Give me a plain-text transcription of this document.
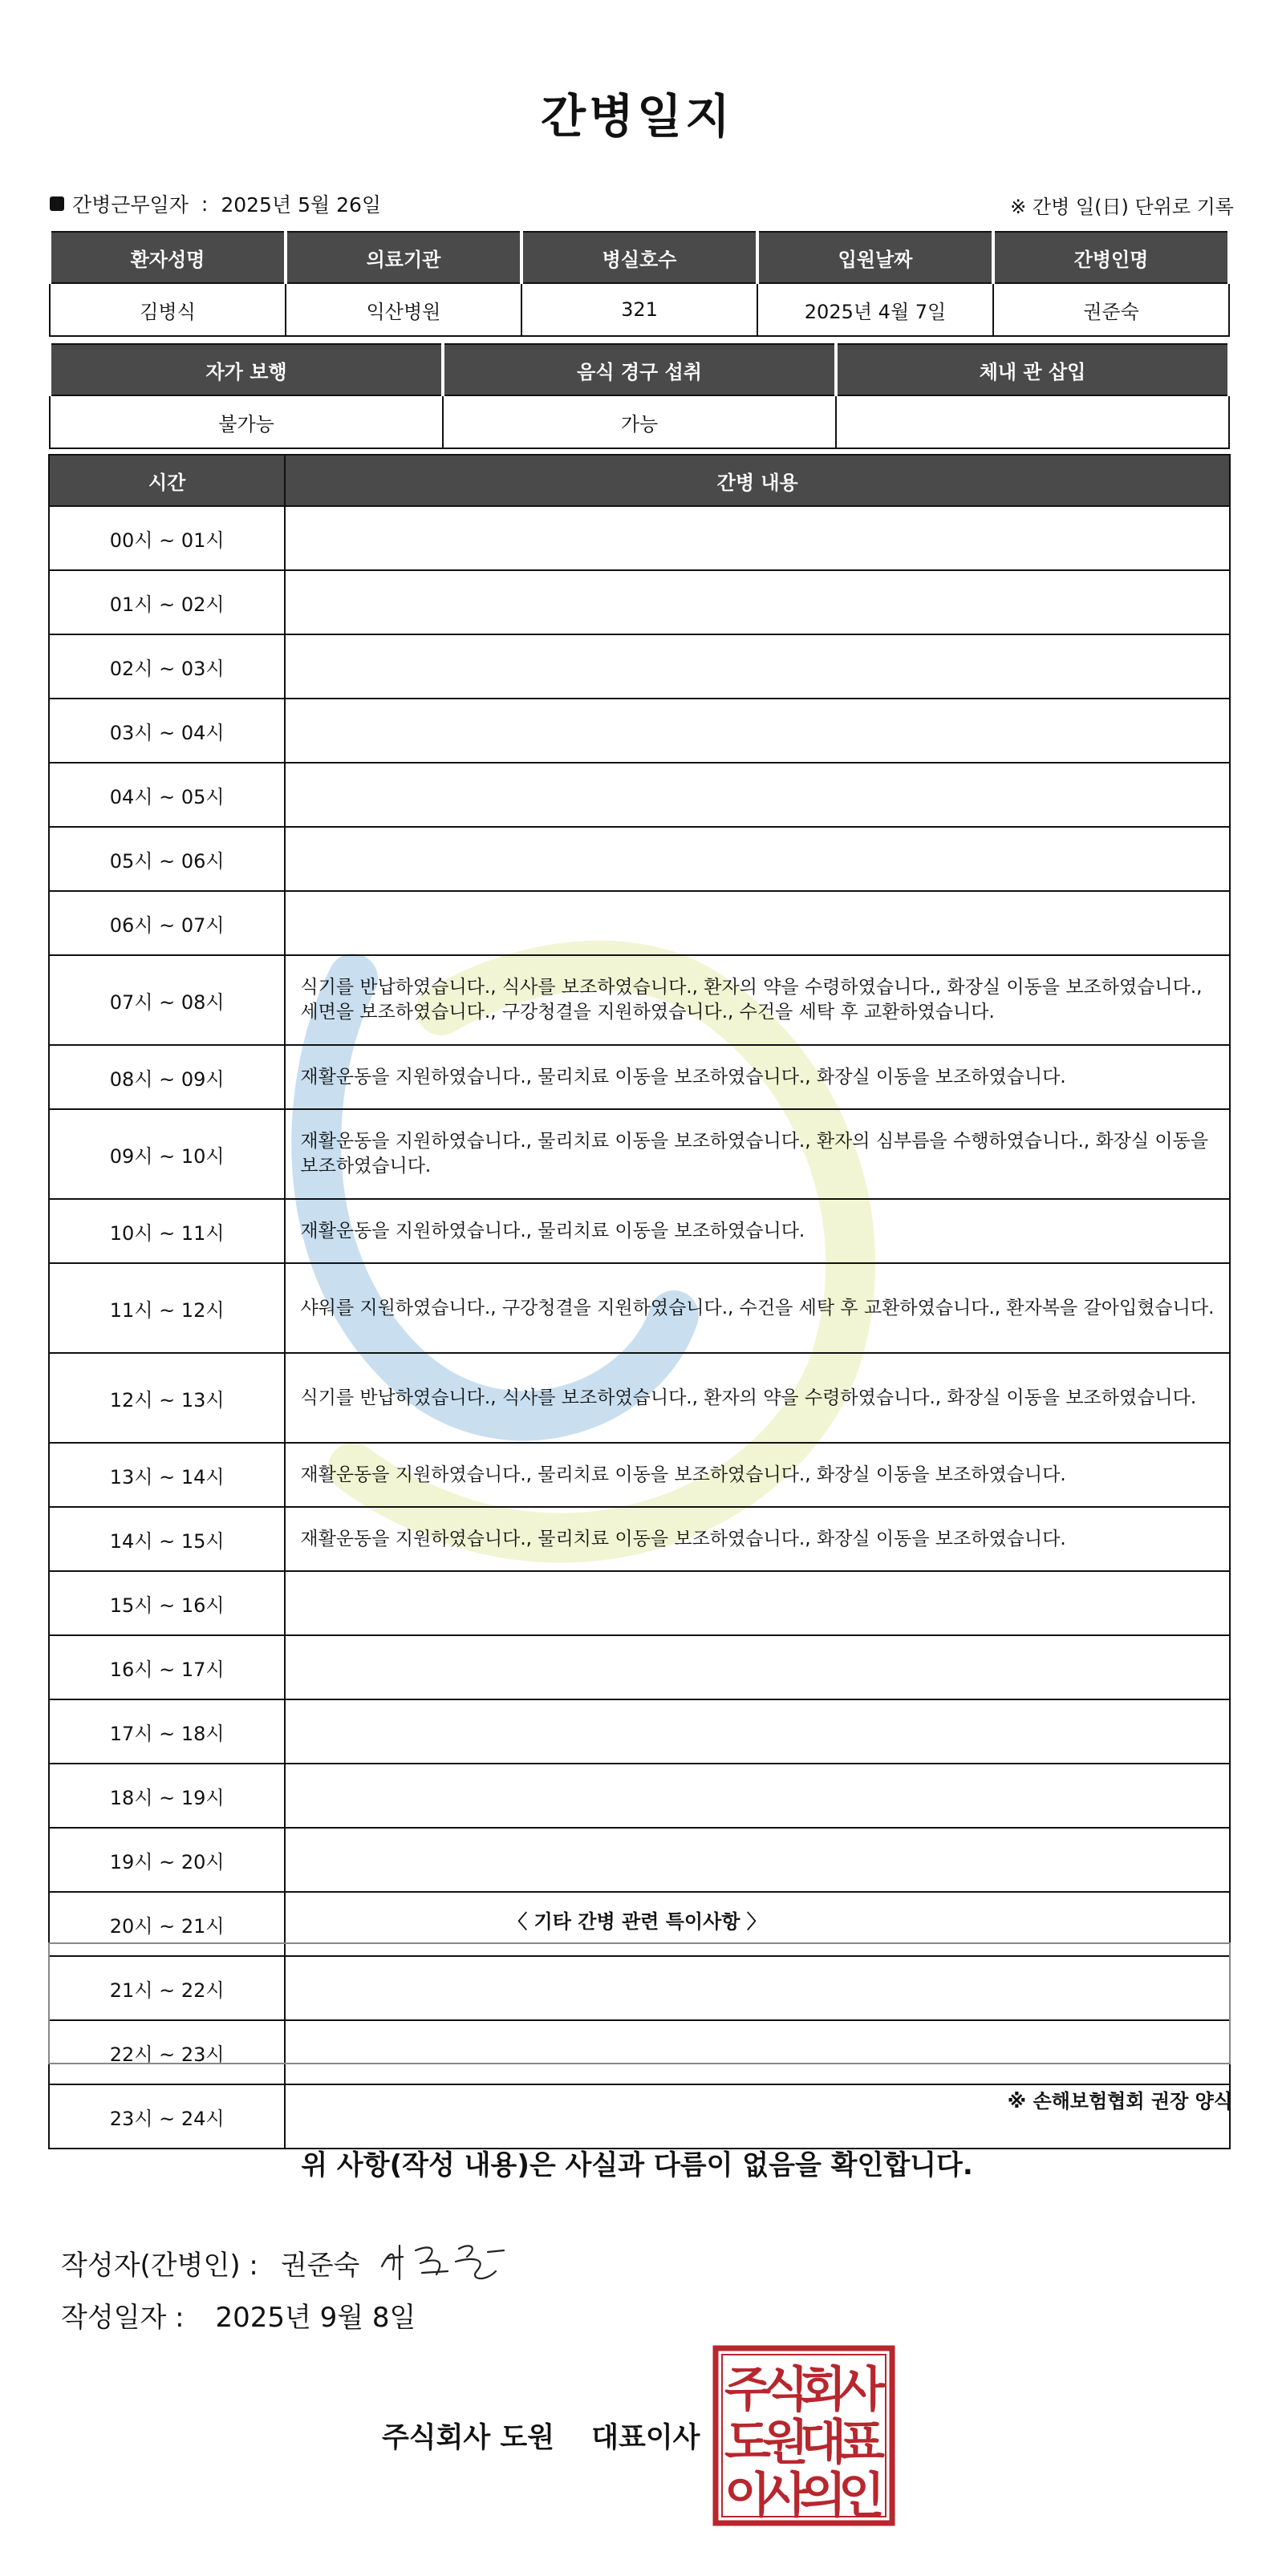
간병일지
간병근무일자 : 2025년 5월 26일	※ 간병 일(日) 단위로 기록
환자성명	의료기관	병실호수	입원날짜	간병인명
김병식	익산병원	321	2025년 4월 7일	권준숙
자가 보행	음식 경구 섭취	체내 관 삽입
불가능	가능	
시간	간병 내용
00시 ~ 01시	
01시 ~ 02시	
02시 ~ 03시	
03시 ~ 04시	
04시 ~ 05시	
05시 ~ 06시	
06시 ~ 07시	
07시 ~ 08시	식기를 반납하였습니다., 식사를 보조하였습니다., 환자의 약을 수령하였습니다., 화장실 이동을 보조하였습니다., 세면을 보조하였습니다., 구강청결을 지원하였습니다., 수건을 세탁 후 교환하였습니다.
08시 ~ 09시	재활운동을 지원하였습니다., 물리치료 이동을 보조하였습니다., 화장실 이동을 보조하였습니다.
09시 ~ 10시	재활운동을 지원하였습니다., 물리치료 이동을 보조하였습니다., 환자의 심부름을 수행하였습니다., 화장실 이동을 보조하였습니다.
10시 ~ 11시	재활운동을 지원하였습니다., 물리치료 이동을 보조하였습니다.
11시 ~ 12시	샤워를 지원하였습니다., 구강청결을 지원하였습니다., 수건을 세탁 후 교환하였습니다., 환자복을 갈아입혔습니다.
12시 ~ 13시	식기를 반납하였습니다., 식사를 보조하였습니다., 환자의 약을 수령하였습니다., 화장실 이동을 보조하였습니다.
13시 ~ 14시	재활운동을 지원하였습니다., 물리치료 이동을 보조하였습니다., 화장실 이동을 보조하였습니다.
14시 ~ 15시	재활운동을 지원하였습니다., 물리치료 이동을 보조하였습니다., 화장실 이동을 보조하였습니다.
15시 ~ 16시	
16시 ~ 17시	
17시 ~ 18시	
18시 ~ 19시	
19시 ~ 20시	
20시 ~ 21시	
21시 ~ 22시	
22시 ~ 23시	
23시 ~ 24시	
〈 기타 간병 관련 특이사항 〉
※ 손해보험협회 권장 양식
위 사항(작성 내용)은 사실과 다름이 없음을 확인합니다.
작성자(간병인) : 권준숙
작성일자 : 2025년 9월 8일
주식회사 도원 대표이사
주
식
회
사
도
원
대
표
이
사
의
인
